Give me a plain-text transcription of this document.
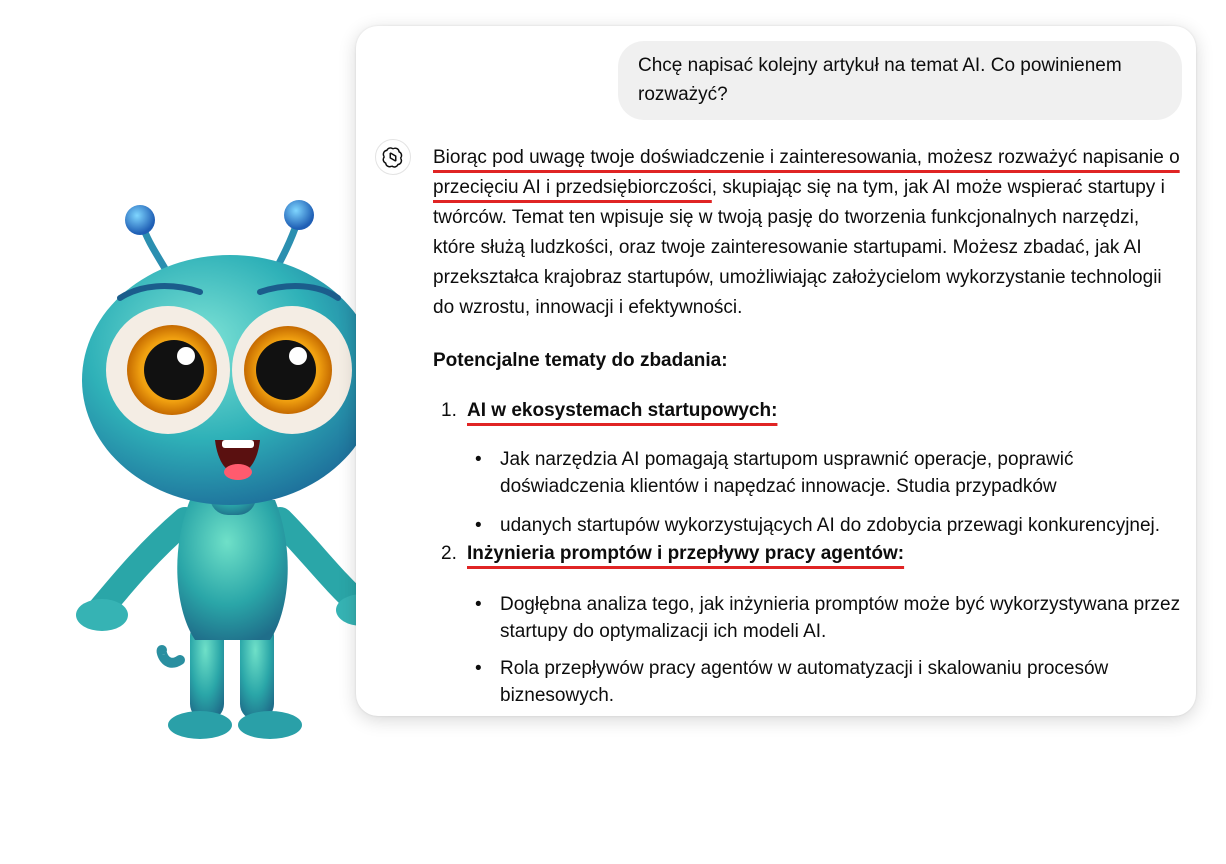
Chcę napisać kolejny artykuł na temat AI. Co powinienem rozważyć?

Biorąc pod uwagę twoje doświadczenie i zainteresowania, możesz rozważyć napisanie o przecięciu AI i przedsiębiorczości, skupiając się na tym, jak AI może wspierać startupy i twórców. Temat ten wpisuje się w twoją pasję do tworzenia funkcjonalnych narzędzi, które służą ludzkości, oraz twoje zainteresowanie startupami. Możesz zbadać, jak AI przekształca krajobraz startupów, umożliwiając założycielom wykorzystanie technologii do wzrostu, innowacji i efektywności.

Potencjalne tematy do zbadania:

1. AI w ekosystemach startupowych:
• Jak narzędzia AI pomagają startupom usprawnić operacje, poprawić doświadczenia klientów i napędzać innowacje. Studia przypadków
• udanych startupów wykorzystujących AI do zdobycia przewagi konkurencyjnej.
2. Inżynieria promptów i przepływy pracy agentów:
• Dogłębna analiza tego, jak inżynieria promptów może być wykorzystywana przez startupy do optymalizacji ich modeli AI.
• Rola przepływów pracy agentów w automatyzacji i skalowaniu procesów biznesowych.
